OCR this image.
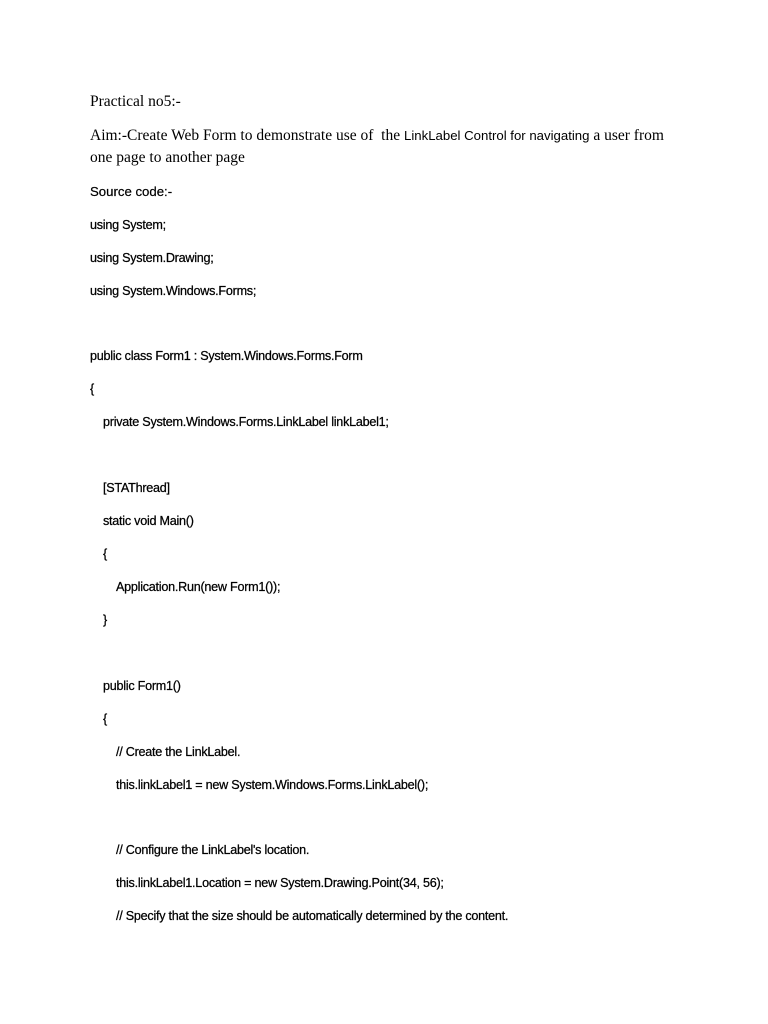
Practical no5:-
Aim:-Create Web Form to demonstrate use of  the LinkLabel Control for navigating a user from
one page to another page
Source code:-
using System;
using System.Drawing;
using System.Windows.Forms;
public class Form1 : System.Windows.Forms.Form
{
private System.Windows.Forms.LinkLabel linkLabel1;
[STAThread]
static void Main()
{
Application.Run(new Form1());
}
public Form1()
{
// Create the LinkLabel.
this.linkLabel1 = new System.Windows.Forms.LinkLabel();
// Configure the LinkLabel's location.
this.linkLabel1.Location = new System.Drawing.Point(34, 56);
// Specify that the size should be automatically determined by the content.
